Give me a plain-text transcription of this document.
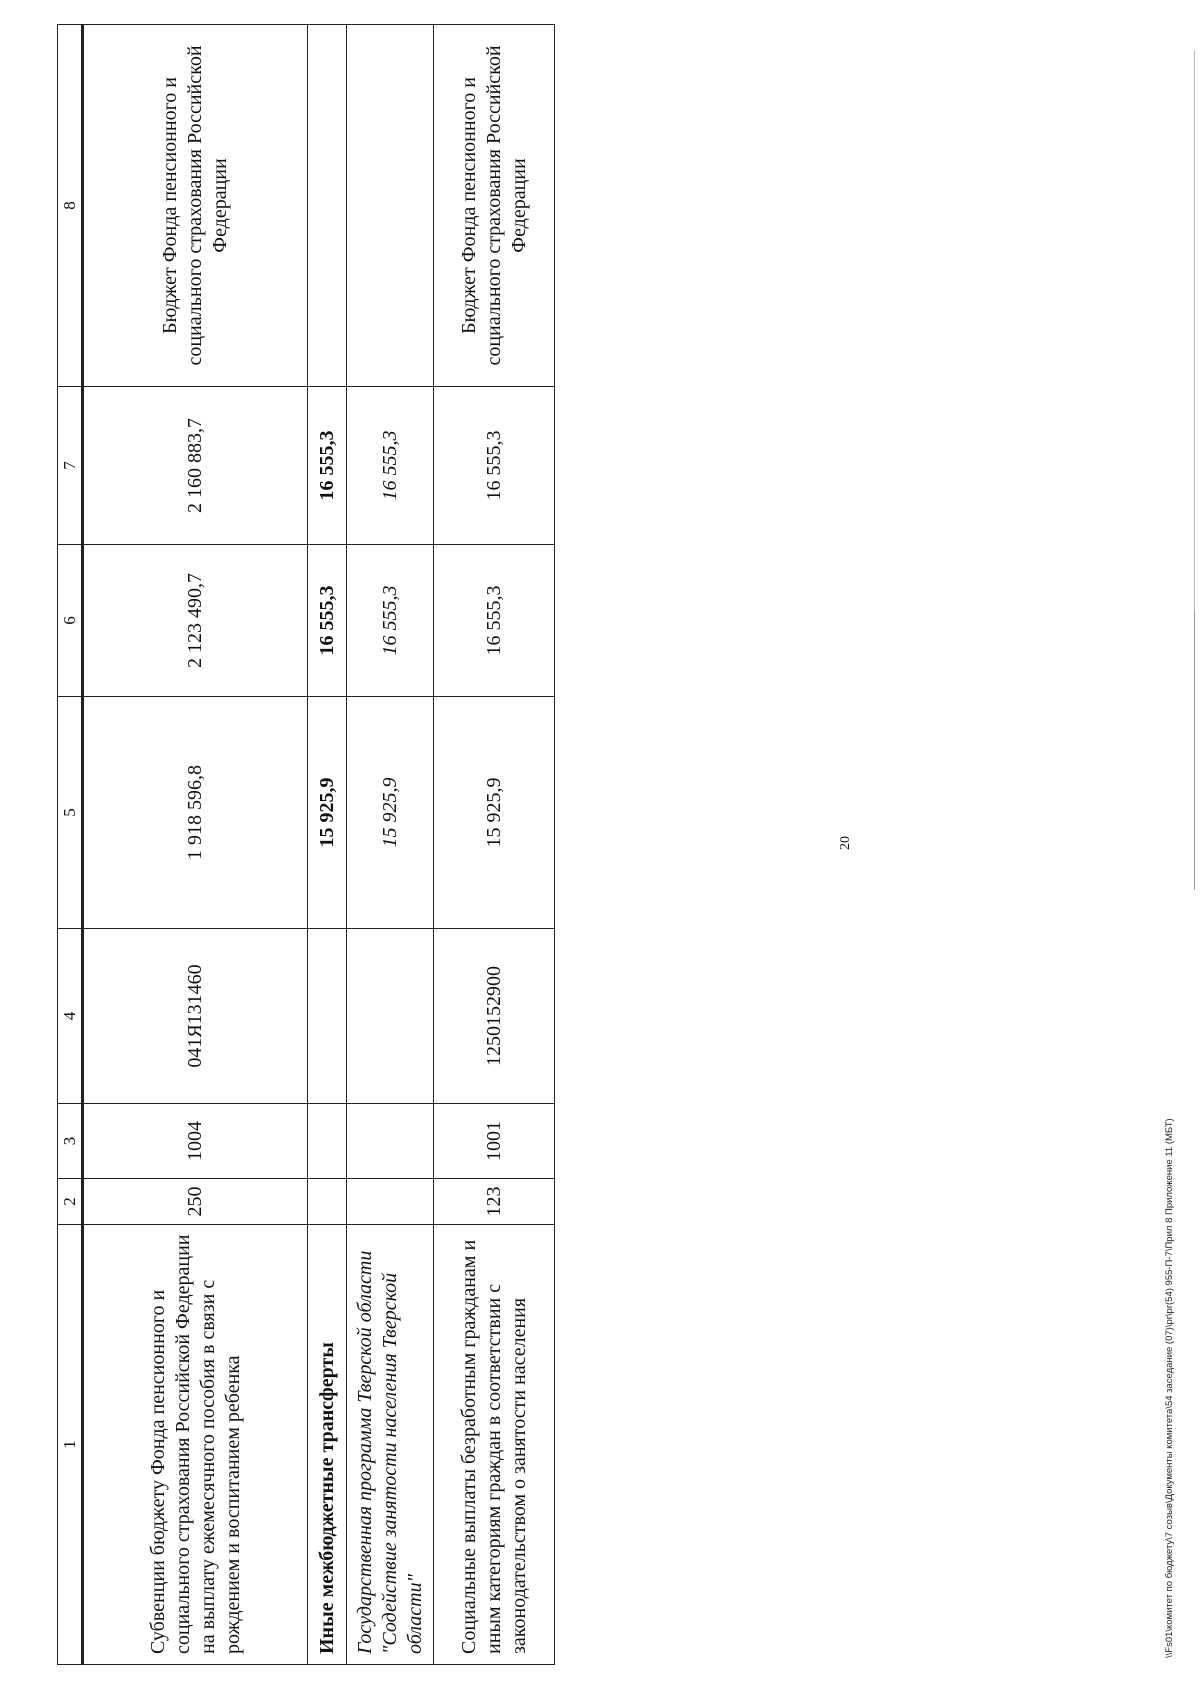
20
1	2	3	4	5	6	7	8
Субвенции бюджету Фонда пенсионного и социального страхования Российской Федерации на выплату ежемесячного пособия в связи с рождением и воспитанием ребенка	250	1004	041Я131460	1 918 596,8	2 123 490,7	2 160 883,7	Бюджет Фонда пенсионного и социального страхования Российской Федерации
Иные межбюджетные трансферты				15 925,9	16 555,3	16 555,3	
Государственная программа Тверской области "Содействие занятости населения Тверской области"				15 925,9	16 555,3	16 555,3	
Социальные выплаты безработным гражданам и иным категориям граждан в соответствии с законодательством о занятости населения	123	1001	1250152900	15 925,9	16 555,3	16 555,3	Бюджет Фонда пенсионного и социального страхования Российской Федерации
\\Fs01\комитет по бюджету\7 созыв\Документы комитета\54 заседание (07)\pr\pr(54) 955-П-7\Прил 8 Приложение 11 (МБТ)
